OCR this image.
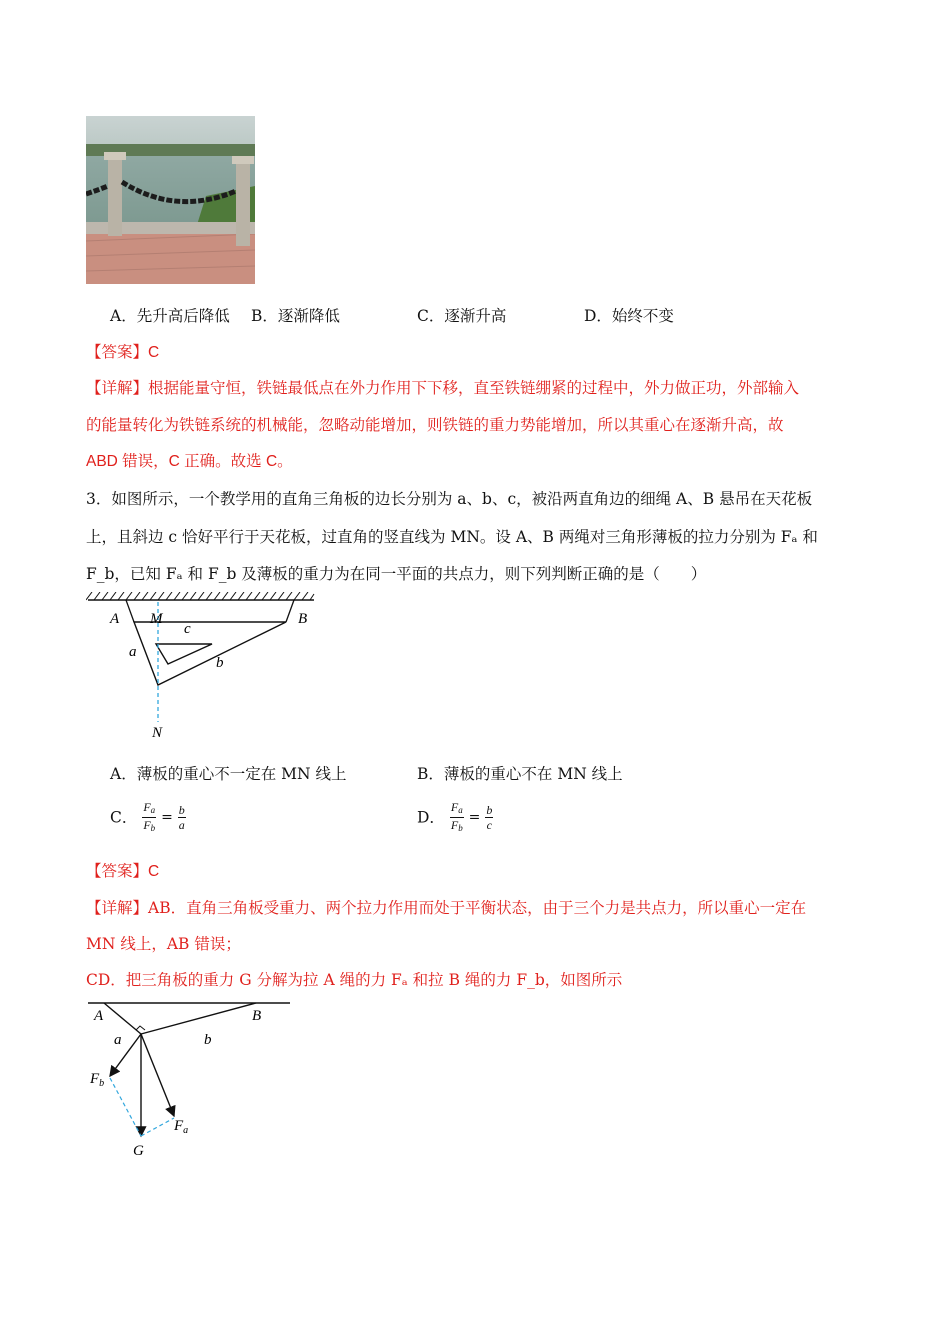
A．先升高后降低 B．逐渐降低	C．逐渐升高	D．始终不变
【答案】C
【详解】根据能量守恒，铁链最低点在外力作用下下移，直至铁链绷紧的过程中，外力做正功，外部输入
的能量转化为铁链系统的机械能，忽略动能增加，则铁链的重力势能增加，所以其重心在逐渐升高，故
ABD 错误，C 正确。故选 C。
3．如图所示，一个教学用的直角三角板的边长分别为 a、b、c，被沿两直角边的细绳 A、B 悬吊在天花板
上，且斜边 c 恰好平行于天花板，过直角的竖直线为 MN。设 A、B 两绳对三角形薄板的拉力分别为 Fₐ 和
F_b，已知 Fₐ 和 F_b 及薄板的重力为在同一平面的共点力，则下列判断正确的是（　　）
A M	B
c
a
b
N
A．薄板的重心不一定在 MN 线上	B．薄板的重心不在 MN 线上
C． $\frac{F_a}{F_b} = \frac{b}{a}$	D． $\frac{F_a}{F_b} = \frac{b}{c}$
【答案】C
【详解】AB．直角三角板受重力、两个拉力作用而处于平衡状态，由于三个力是共点力，所以重心一定在
MN 线上，AB 错误；
CD．把三角板的重力 G 分解为拉 A 绳的力 Fₐ 和拉 B 绳的力 F_b，如图所示
A	B
a	b
$F_b$
$F_a$
G
